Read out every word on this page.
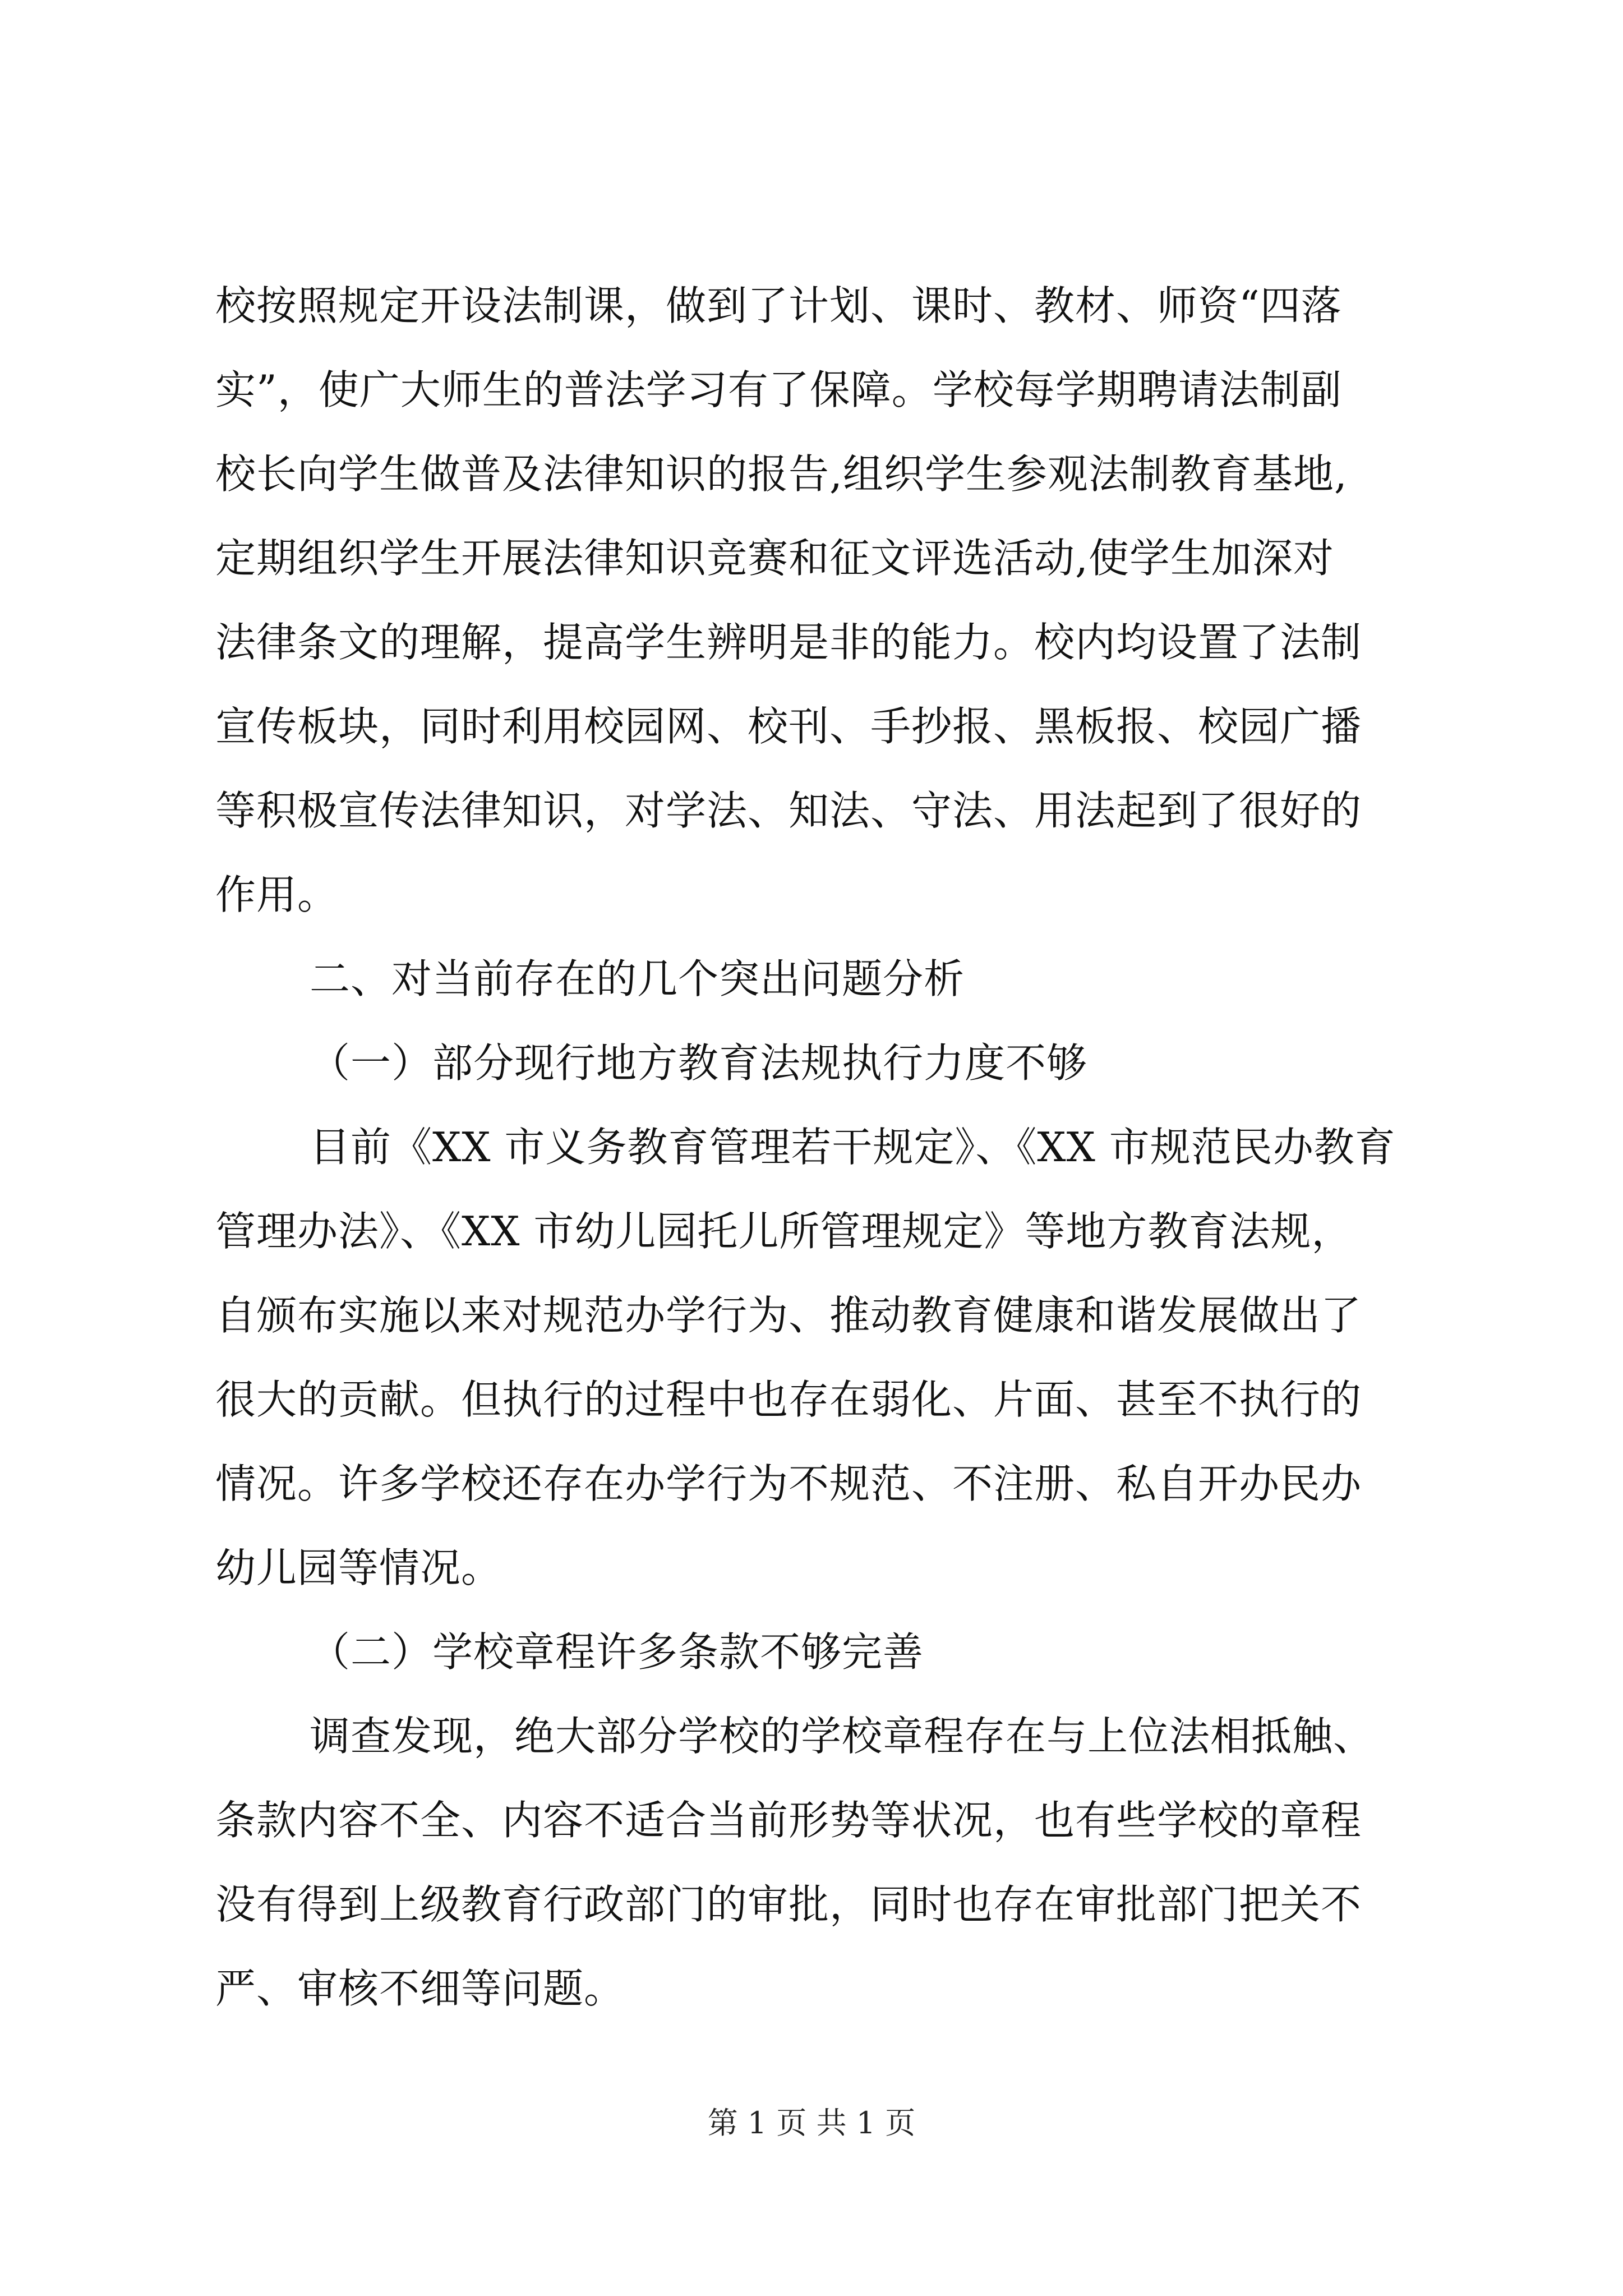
校按照规定开设法制课，做到了计划、课时、教材、师资“四落
实”，使广大师生的普法学习有了保障。学校每学期聘请法制副
校长向学生做普及法律知识的报告,组织学生参观法制教育基地,
定期组织学生开展法律知识竞赛和征文评选活动,使学生加深对
法律条文的理解，提高学生辨明是非的能力。校内均设置了法制
宣传板块，同时利用校园网、校刊、手抄报、黑板报、校园广播
等积极宣传法律知识，对学法、知法、守法、用法起到了很好的
作用。
二、对当前存在的几个突出问题分析
（一）部分现行地方教育法规执行力度不够
目前《XX 市义务教育管理若干规定》、《XX 市规范民办教育
管理办法》、《XX 市幼儿园托儿所管理规定》等地方教育法规，
自颁布实施以来对规范办学行为、推动教育健康和谐发展做出了
很大的贡献。但执行的过程中也存在弱化、片面、甚至不执行的
情况。许多学校还存在办学行为不规范、不注册、私自开办民办
幼儿园等情况。
（二）学校章程许多条款不够完善
调查发现，绝大部分学校的学校章程存在与上位法相抵触、
条款内容不全、内容不适合当前形势等状况，也有些学校的章程
没有得到上级教育行政部门的审批，同时也存在审批部门把关不
严、审核不细等问题。
第 1 页 共 1 页
